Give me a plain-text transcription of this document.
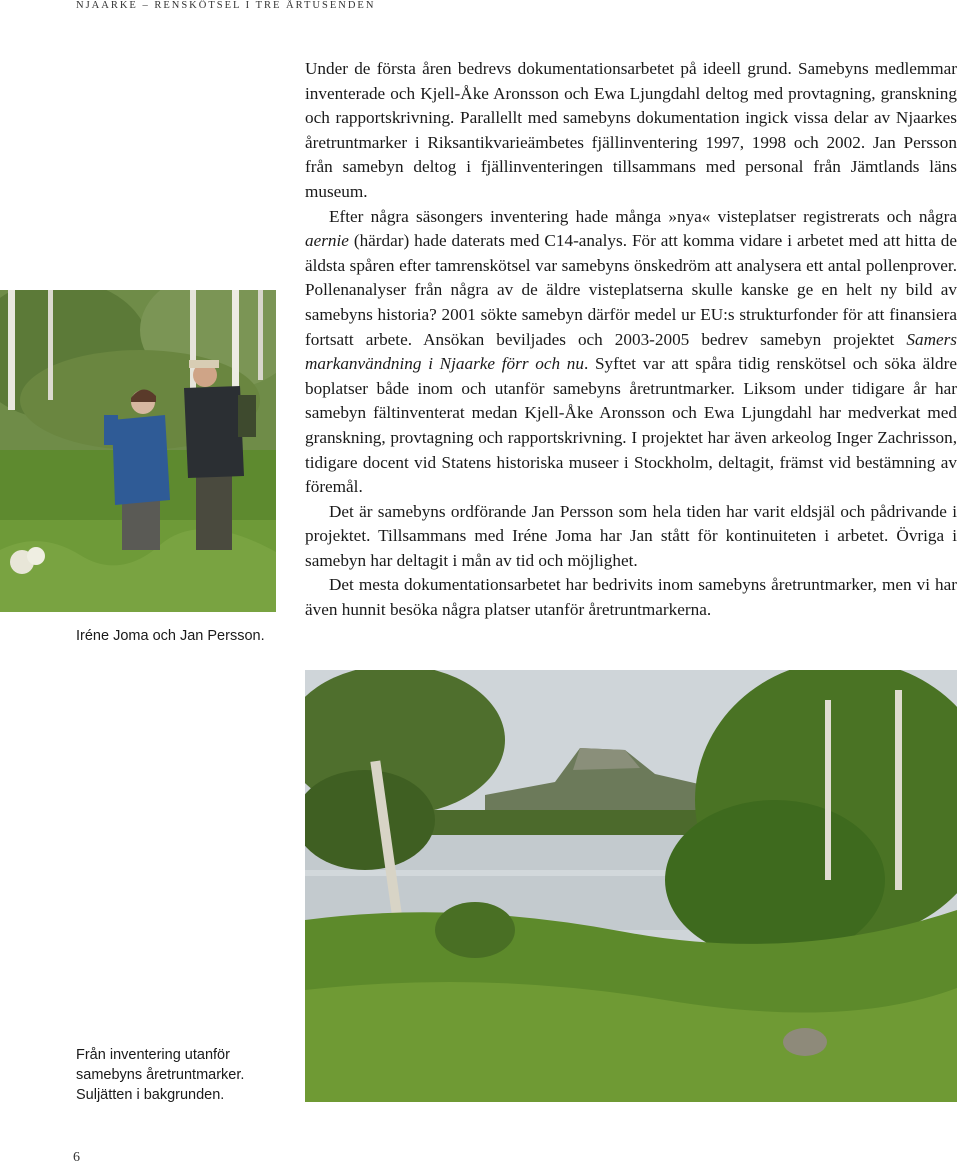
NJAARKE – RENSKÖTSEL I TRE ÅRTUSENDEN
Iréne Joma och Jan Persson.

Under de första åren bedrevs dokumentationsarbetet på ideell grund. Samebyns medlemmar inventerade och Kjell-Åke Aronsson och Ewa Ljungdahl deltog med provtagning, granskning och rapportskrivning. Parallellt med samebyns dokumentation ingick vissa delar av Njaarkes åretruntmarker i Riksantikvarieämbetes fjällinventering 1997, 1998 och 2002. Jan Persson från samebyn deltog i fjällinventeringen tillsammans med personal från Jämtlands läns museum.

Efter några säsongers inventering hade många »nya« visteplatser registrerats och några aernie (härdar) hade daterats med C14-analys. För att komma vidare i arbetet med att hitta de äldsta spåren efter tamrenskötsel var samebyns önskedröm att analysera ett antal pollenprover. Pollenanalyser från några av de äldre visteplatserna skulle kanske ge en helt ny bild av samebyns historia? 2001 sökte samebyn därför medel ur EU:s strukturfonder för att finansiera fortsatt arbete. Ansökan beviljades och 2003-2005 bedrev samebyn projektet Samers markanvändning i Njaarke förr och nu. Syftet var att spåra tidig renskötsel och söka äldre boplatser både inom och utanför samebyns åretruntmarker. Liksom under tidigare år har samebyn fältinventerat medan Kjell-Åke Aronsson och Ewa Ljungdahl har medverkat med granskning, provtagning och rapportskrivning. I projektet har även arkeolog Inger Zachrisson, tidigare docent vid Statens historiska museer i Stockholm, deltagit, främst vid bestämning av föremål.

Det är samebyns ordförande Jan Persson som hela tiden har varit eldsjäl och pådrivande i projektet. Tillsammans med Iréne Joma har Jan stått för kontinuiteten i arbetet. Övriga i samebyn har deltagit i mån av tid och möjlighet.

Det mesta dokumentationsarbetet har bedrivits inom samebyns åretruntmarker, men vi har även hunnit besöka några platser utanför åretruntmarkerna.

Från inventering utanför
samebyns åretruntmarker.
Suljätten i bakgrunden.
6
